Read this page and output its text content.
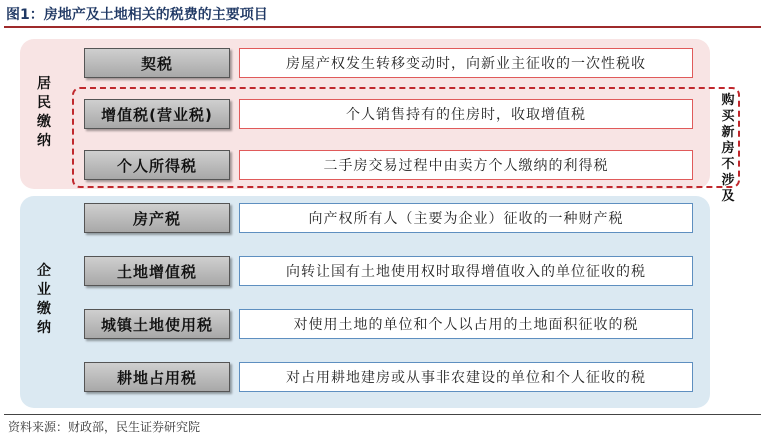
图1：房地产及土地相关的税费的主要项目
居民缴纳
契税	房屋产权发生转移变动时，向新业主征收的一次性税收
增值税(营业税)	个人销售持有的住房时，收取增值税
个人所得税	二手房交易过程中由卖方个人缴纳的利得税
购买新房不涉及
企业缴纳
房产税	向产权所有人（主要为企业）征收的一种财产税
土地增值税	向转让国有土地使用权时取得增值收入的单位征收的税
城镇土地使用税	对使用土地的单位和个人以占用的土地面积征收的税
耕地占用税	对占用耕地建房或从事非农建设的单位和个人征收的税
资料来源：财政部，民生证券研究院
